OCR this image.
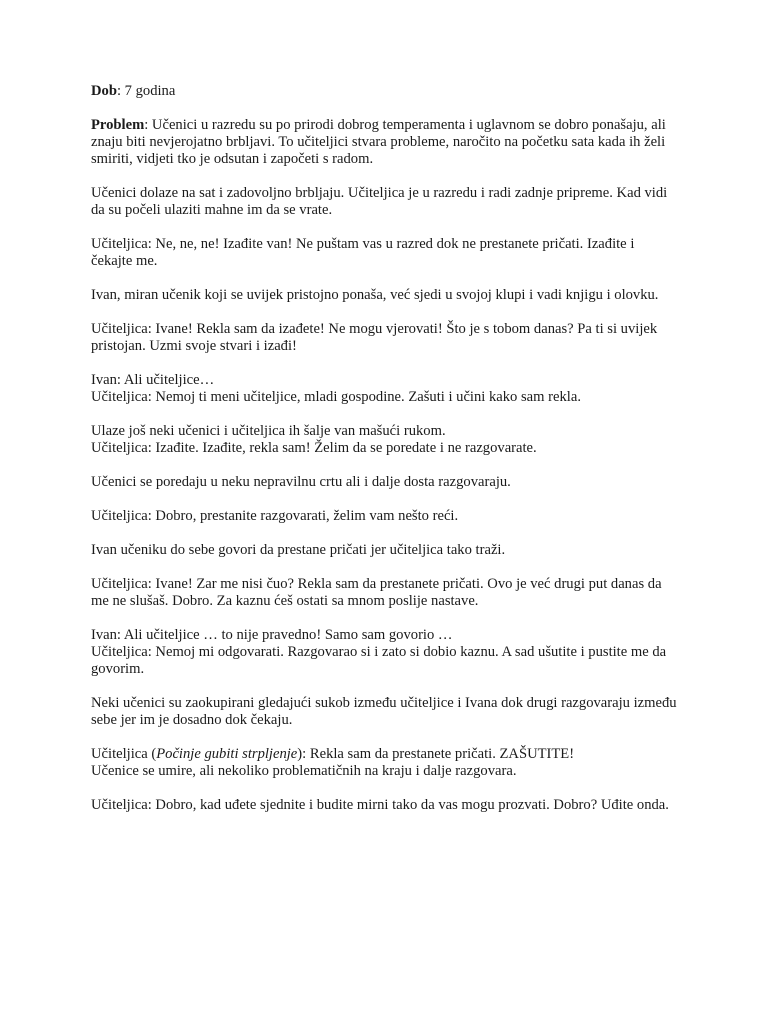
Dob: 7 godina

Problem: Učenici u razredu su po prirodi dobrog temperamenta i uglavnom se dobro ponašaju, ali znaju biti nevjerojatno brbljavi. To učiteljici stvara probleme, naročito na početku sata kada ih želi smiriti, vidjeti tko je odsutan i započeti s radom.

Učenici dolaze na sat i zadovoljno brbljaju. Učiteljica je u razredu i radi zadnje pripreme. Kad vidi da su počeli ulaziti mahne im da se vrate.

Učiteljica: Ne, ne, ne! Izađite van! Ne puštam vas u razred dok ne prestanete pričati. Izađite i čekajte me.

Ivan, miran učenik koji se uvijek pristojno ponaša, već sjedi u svojoj klupi i vadi knjigu i olovku.

Učiteljica: Ivane! Rekla sam da izađete! Ne mogu vjerovati! Što je s tobom danas? Pa ti si uvijek pristojan. Uzmi svoje stvari i izađi!

Ivan: Ali učiteljice…
Učiteljica: Nemoj ti meni učiteljice, mladi gospodine. Zašuti i učini kako sam rekla.

Ulaze još neki učenici i učiteljica ih šalje van mašući rukom.
Učiteljica: Izađite. Izađite, rekla sam! Želim da se poredate i ne razgovarate.

Učenici se poredaju u neku nepravilnu crtu ali i dalje dosta razgovaraju.

Učiteljica: Dobro, prestanite razgovarati, želim vam nešto reći.

Ivan učeniku do sebe govori da prestane pričati jer učiteljica tako traži.

Učiteljica: Ivane! Zar me nisi čuo? Rekla sam da prestanete pričati. Ovo je već drugi put danas da me ne slušaš. Dobro. Za kaznu ćeš ostati sa mnom poslije nastave.

Ivan: Ali učiteljice … to nije pravedno! Samo sam govorio …
Učiteljica: Nemoj mi odgovarati. Razgovarao si i zato si dobio kaznu. A sad ušutite i pustite me da govorim.

Neki učenici su zaokupirani gledajući sukob između učiteljice i Ivana dok drugi razgovaraju između sebe jer im je dosadno dok čekaju.

Učiteljica (Počinje gubiti strpljenje): Rekla sam da prestanete pričati. ZAŠUTITE!
Učenice se umire, ali nekoliko problematičnih na kraju i dalje razgovara.

Učiteljica: Dobro, kad uđete sjednite i budite mirni tako da vas mogu prozvati. Dobro? Uđite onda.
